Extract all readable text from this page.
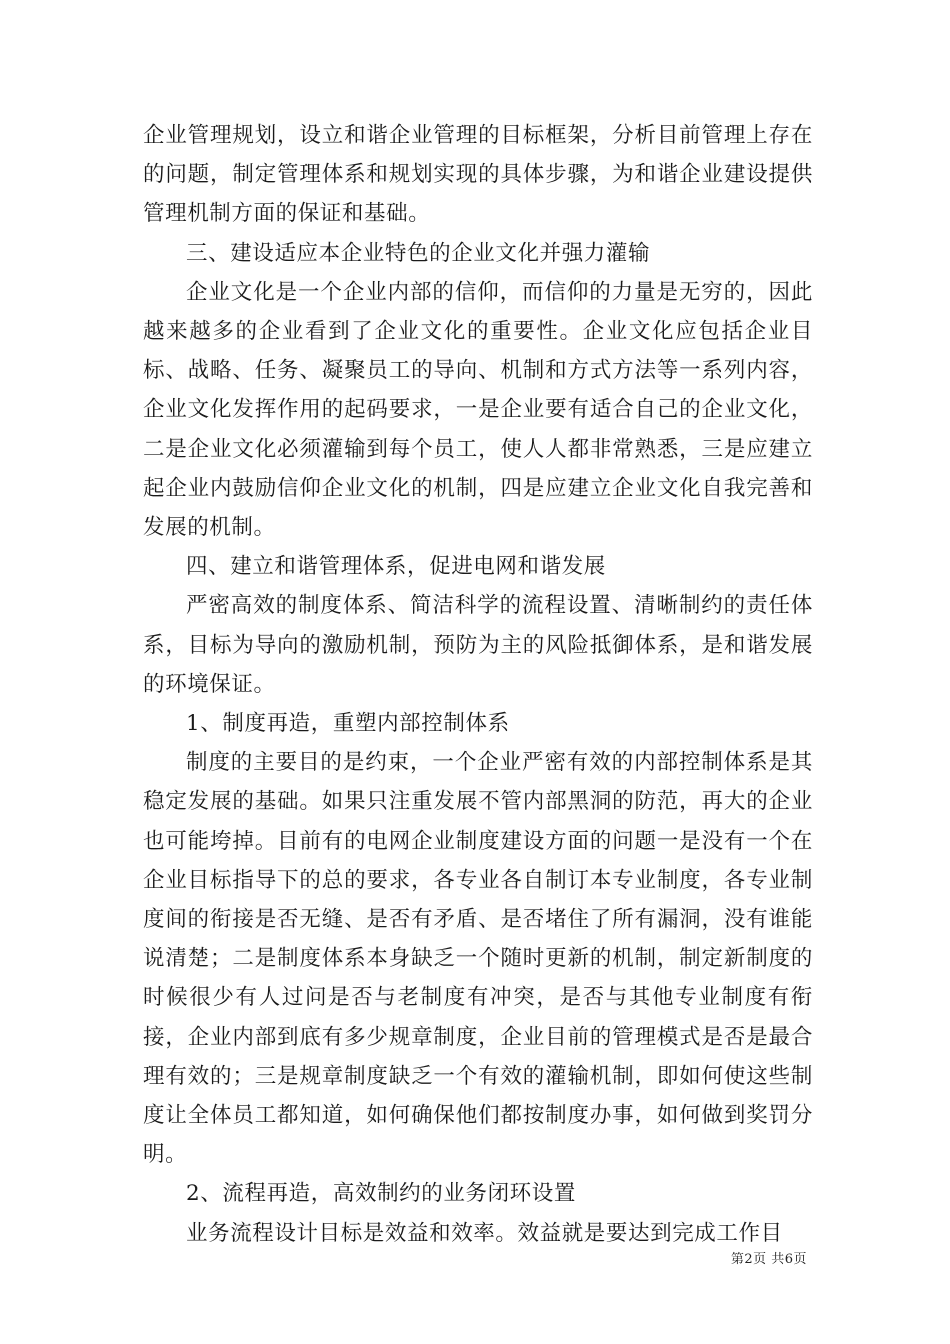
企业管理规划，设立和谐企业管理的目标框架，分析目前管理上存在的问题，制定管理体系和规划实现的具体步骤，为和谐企业建设提供管理机制方面的保证和基础。

三、建设适应本企业特色的企业文化并强力灌输

企业文化是一个企业内部的信仰，而信仰的力量是无穷的，因此越来越多的企业看到了企业文化的重要性。企业文化应包括企业目标、战略、任务、凝聚员工的导向、机制和方式方法等一系列内容，企业文化发挥作用的起码要求，一是企业要有适合自己的企业文化，二是企业文化必须灌输到每个员工，使人人都非常熟悉，三是应建立起企业内鼓励信仰企业文化的机制，四是应建立企业文化自我完善和发展的机制。

四、建立和谐管理体系，促进电网和谐发展

严密高效的制度体系、简洁科学的流程设置、清晰制约的责任体系，目标为导向的激励机制，预防为主的风险抵御体系，是和谐发展的环境保证。

1、制度再造，重塑内部控制体系

制度的主要目的是约束，一个企业严密有效的内部控制体系是其稳定发展的基础。如果只注重发展不管内部黑洞的防范，再大的企业也可能垮掉。目前有的电网企业制度建设方面的问题一是没有一个在企业目标指导下的总的要求，各专业各自制订本专业制度，各专业制度间的衔接是否无缝、是否有矛盾、是否堵住了所有漏洞，没有谁能说清楚；二是制度体系本身缺乏一个随时更新的机制，制定新制度的时候很少有人过问是否与老制度有冲突，是否与其他专业制度有衔接，企业内部到底有多少规章制度，企业目前的管理模式是否是最合理有效的；三是规章制度缺乏一个有效的灌输机制，即如何使这些制度让全体员工都知道，如何确保他们都按制度办事，如何做到奖罚分明。

2、流程再造，高效制约的业务闭环设置

业务流程设计目标是效益和效率。效益就是要达到完成工作目

第2页 共6页
